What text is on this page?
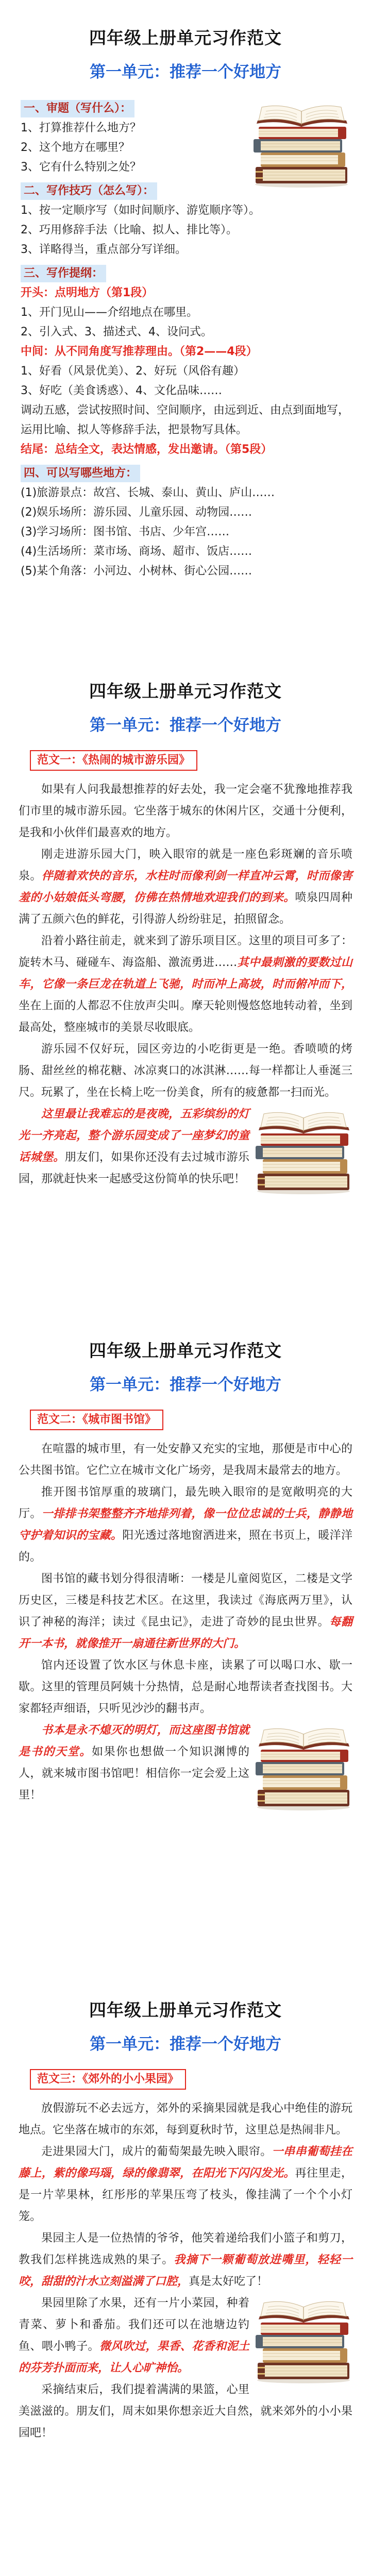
四年级上册单元习作范文
第一单元：推荐一个好地方
一、审题（写什么）：
1、打算推荐什么地方？
2、这个地方在哪里？
3、它有什么特别之处？
二、写作技巧（怎么写）：
1、按一定顺序写（如时间顺序、游览顺序等）。
2、巧用修辞手法（比喻、拟人、排比等）。
3、详略得当，重点部分写详细。
三、写作提纲：
开头：点明地方（第1段）
1、开门见山——介绍地点在哪里。
2、引入式、3、描述式、4、设问式。
中间：从不同角度写推荐理由。（第2——4段）
1、好看（风景优美）、2、好玩（风俗有趣）
3、好吃（美食诱惑）、4、文化品味……
调动五感，尝试按照时间、空间顺序，由远到近、由点到面地写，运用比喻、拟人等修辞手法，把景物写具体。
结尾：总结全文，表达情感，发出邀请。（第5段）
四、可以写哪些地方：
(1)旅游景点：故宫、长城、泰山、黄山、庐山……
(2)娱乐场所：游乐园、儿童乐园、动物园……
(3)学习场所：图书馆、书店、少年宫……
(4)生活场所：菜市场、商场、超市、饭店……
(5)某个角落：小河边、小树林、街心公园……
四年级上册单元习作范文
第一单元：推荐一个好地方
范文一：《热闹的城市游乐园》

如果有人问我最想推荐的好去处，我一定会毫不犹豫地推荐我们市里的城市游乐园。它坐落于城东的休闲片区，交通十分便利，是我和小伙伴们最喜欢的地方。

刚走进游乐园大门，映入眼帘的就是一座色彩斑斓的音乐喷泉。伴随着欢快的音乐，水柱时而像利剑一样直冲云霄，时而像害羞的小姑娘低头弯腰，仿佛在热情地欢迎我们的到来。喷泉四周种满了五颜六色的鲜花，引得游人纷纷驻足，拍照留念。

沿着小路往前走，就来到了游乐项目区。这里的项目可多了：旋转木马、碰碰车、海盗船、激流勇进……其中最刺激的要数过山车，它像一条巨龙在轨道上飞驰，时而冲上高坡，时而俯冲而下，坐在上面的人都忍不住放声尖叫。摩天轮则慢悠悠地转动着，坐到最高处，整座城市的美景尽收眼底。

游乐园不仅好玩，园区旁边的小吃街更是一绝。香喷喷的烤肠、甜丝丝的棉花糖、冰凉爽口的冰淇淋……每一样都让人垂涎三尺。玩累了，坐在长椅上吃一份美食，所有的疲惫都一扫而光。

这里最让我难忘的是夜晚，五彩缤纷的灯光一齐亮起，整个游乐园变成了一座梦幻的童话城堡。朋友们，如果你还没有去过城市游乐园，那就赶快来一起感受这份简单的快乐吧！

四年级上册单元习作范文
第一单元：推荐一个好地方
范文二：《城市图书馆》

在喧嚣的城市里，有一处安静又充实的宝地，那便是市中心的公共图书馆。它伫立在城市文化广场旁，是我周末最常去的地方。

推开图书馆厚重的玻璃门，最先映入眼帘的是宽敞明亮的大厅。一排排书架整整齐齐地排列着，像一位位忠诚的士兵，静静地守护着知识的宝藏。阳光透过落地窗洒进来，照在书页上，暖洋洋的。

图书馆的藏书划分得很清晰：一楼是儿童阅览区，二楼是文学历史区，三楼是科技艺术区。在这里，我读过《海底两万里》，认识了神秘的海洋；读过《昆虫记》，走进了奇妙的昆虫世界。每翻开一本书，就像推开一扇通往新世界的大门。

馆内还设置了饮水区与休息卡座，读累了可以喝口水、歇一歇。这里的管理员阿姨十分热情，总是耐心地帮读者查找图书。大家都轻声细语，只听见沙沙的翻书声。

书本是永不熄灭的明灯，而这座图书馆就是书的天堂。如果你也想做一个知识渊博的人，就来城市图书馆吧！相信你一定会爱上这里！

四年级上册单元习作范文
第一单元：推荐一个好地方
范文三：《郊外的小小果园》

放假游玩不必去远方，郊外的采摘果园就是我心中绝佳的游玩地点。它坐落在城市的东郊，每到夏秋时节，这里总是热闹非凡。

走进果园大门，成片的葡萄架最先映入眼帘。一串串葡萄挂在藤上，紫的像玛瑙，绿的像翡翠，在阳光下闪闪发光。再往里走，是一片苹果林，红彤彤的苹果压弯了枝头，像挂满了一个个小灯笼。

果园主人是一位热情的爷爷，他笑着递给我们小篮子和剪刀，教我们怎样挑选成熟的果子。我摘下一颗葡萄放进嘴里，轻轻一咬，甜甜的汁水立刻溢满了口腔，真是太好吃了！

果园里除了水果，还有一片小菜园，种着青菜、萝卜和番茄。我们还可以在池塘边钓鱼、喂小鸭子。微风吹过，果香、花香和泥土的芬芳扑面而来，让人心旷神怡。

采摘结束后，我们提着满满的果篮，心里美滋滋的。朋友们，周末如果你想亲近大自然，就来郊外的小小果园吧！
